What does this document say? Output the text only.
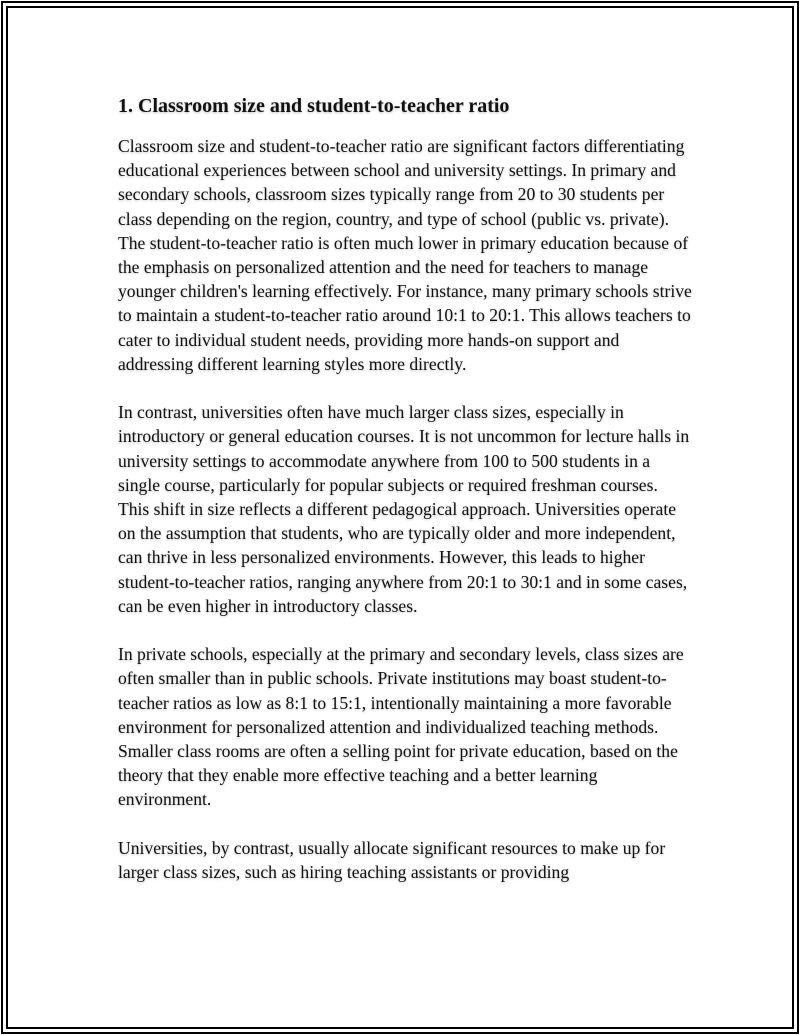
1. Classroom size and student-to-teacher ratio

Classroom size and student-to-teacher ratio are significant factors differentiating educational experiences between school and university settings. In primary and secondary schools, classroom sizes typically range from 20 to 30 students per class depending on the region, country, and type of school (public vs. private). The student-to-teacher ratio is often much lower in primary education because of the emphasis on personalized attention and the need for teachers to manage younger children's learning effectively. For instance, many primary schools strive to maintain a student-to-teacher ratio around 10:1 to 20:1. This allows teachers to cater to individual student needs, providing more hands-on support and addressing different learning styles more directly.

In contrast, universities often have much larger class sizes, especially in introductory or general education courses. It is not uncommon for lecture halls in university settings to accommodate anywhere from 100 to 500 students in a single course, particularly for popular subjects or required freshman courses. This shift in size reflects a different pedagogical approach. Universities operate on the assumption that students, who are typically older and more independent, can thrive in less personalized environments. However, this leads to higher student-to-teacher ratios, ranging anywhere from 20:1 to 30:1 and in some cases, can be even higher in introductory classes.

In private schools, especially at the primary and secondary levels, class sizes are often smaller than in public schools. Private institutions may boast student-to-teacher ratios as low as 8:1 to 15:1, intentionally maintaining a more favorable environment for personalized attention and individualized teaching methods. Smaller class rooms are often a selling point for private education, based on the theory that they enable more effective teaching and a better learning environment.

Universities, by contrast, usually allocate significant resources to make up for larger class sizes, such as hiring teaching assistants or providing
